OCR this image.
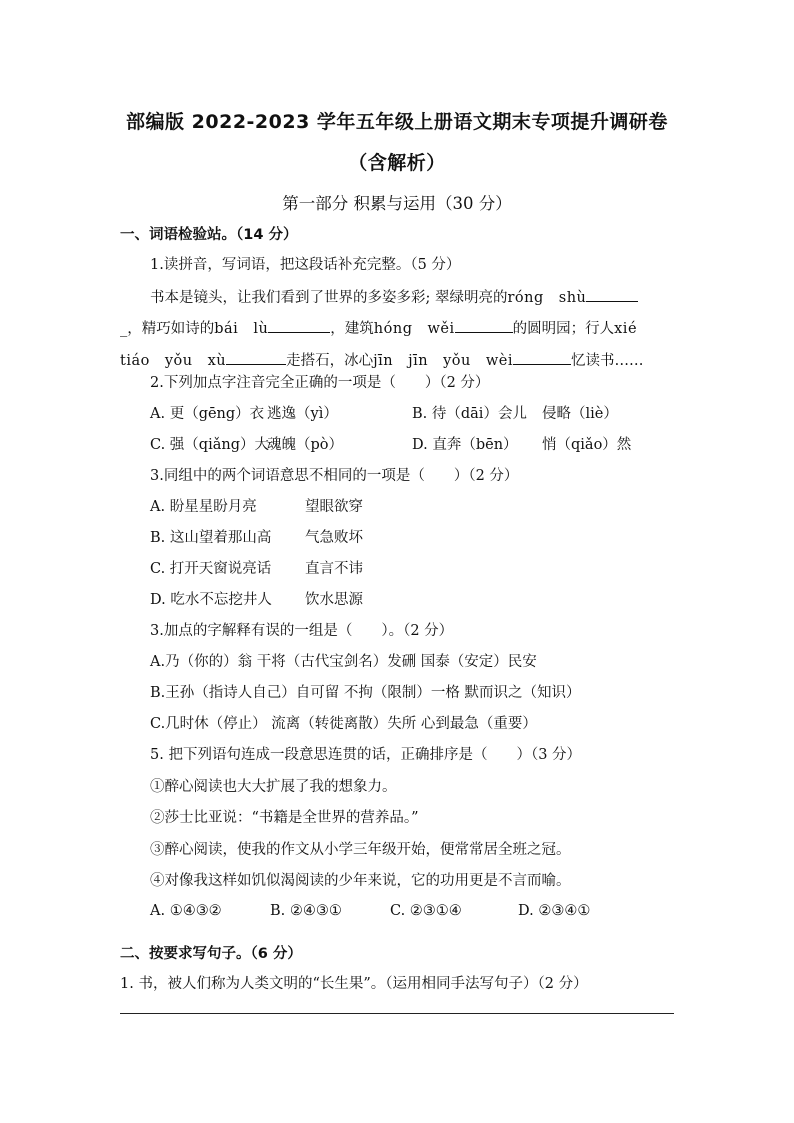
部编版 2022-2023 学年五年级上册语文期末专项提升调研卷
（含解析）
第一部分 积累与运用（30 分）
一、词语检验站。（14 分）
1.读拼音，写词语，把这段话补充完整。（5 分）
书本是镜头，让我们看到了世界的多姿多彩; 翠绿明亮的róng　shù
_，精巧如诗的bái　lù	，建筑hóng　wěi	的圆明园；行人xié
tiáo　yǒu　xù	走搭石，冰心jīn　jīn　yǒu　wèi	忆读书……
2.下列加点字注音完全正确的一项是（　　）（2 分）
A. 更（gēng）衣 逃逸（yì）	B. 待（dāi）会儿 侵略（liè）
C. 强（qiǎng）大魂魄（pò）	D. 直奔（bēn） 悄（qiǎo）然
3.同组中的两个词语意思不相同的一项是（　　）（2 分）
A. 盼星星盼月亮	望眼欲穿
B. 这山望着那山高 气急败坏
C. 打开天窗说亮话 直言不讳
D. 吃水不忘挖井人 饮水思源
3.加点的字解释有误的一组是（　　）。（2 分）
A.乃（你的）翁 干将（古代宝剑名）发硎 国泰（安定）民安
B.王孙（指诗人自己）自可留 不拘（限制）一格 默而识之（知识）
C.几时休（停止） 流离（转徙离散）失所 心到最急（重要）
5. 把下列语句连成一段意思连贯的话，正确排序是（　　）（3 分）
①醉心阅读也大大扩展了我的想象力。
②莎士比亚说：“书籍是全世界的营养品。”
③醉心阅读，使我的作文从小学三年级开始，便常常居全班之冠。
④对像我这样如饥似渴阅读的少年来说，它的功用更是不言而喻。
A. ①④③②	B. ②④③①	C. ②③①④	D. ②③④①
二、按要求写句子。（6 分）
1. 书，被人们称为人类文明的“长生果”。（运用相同手法写句子）（2 分）
